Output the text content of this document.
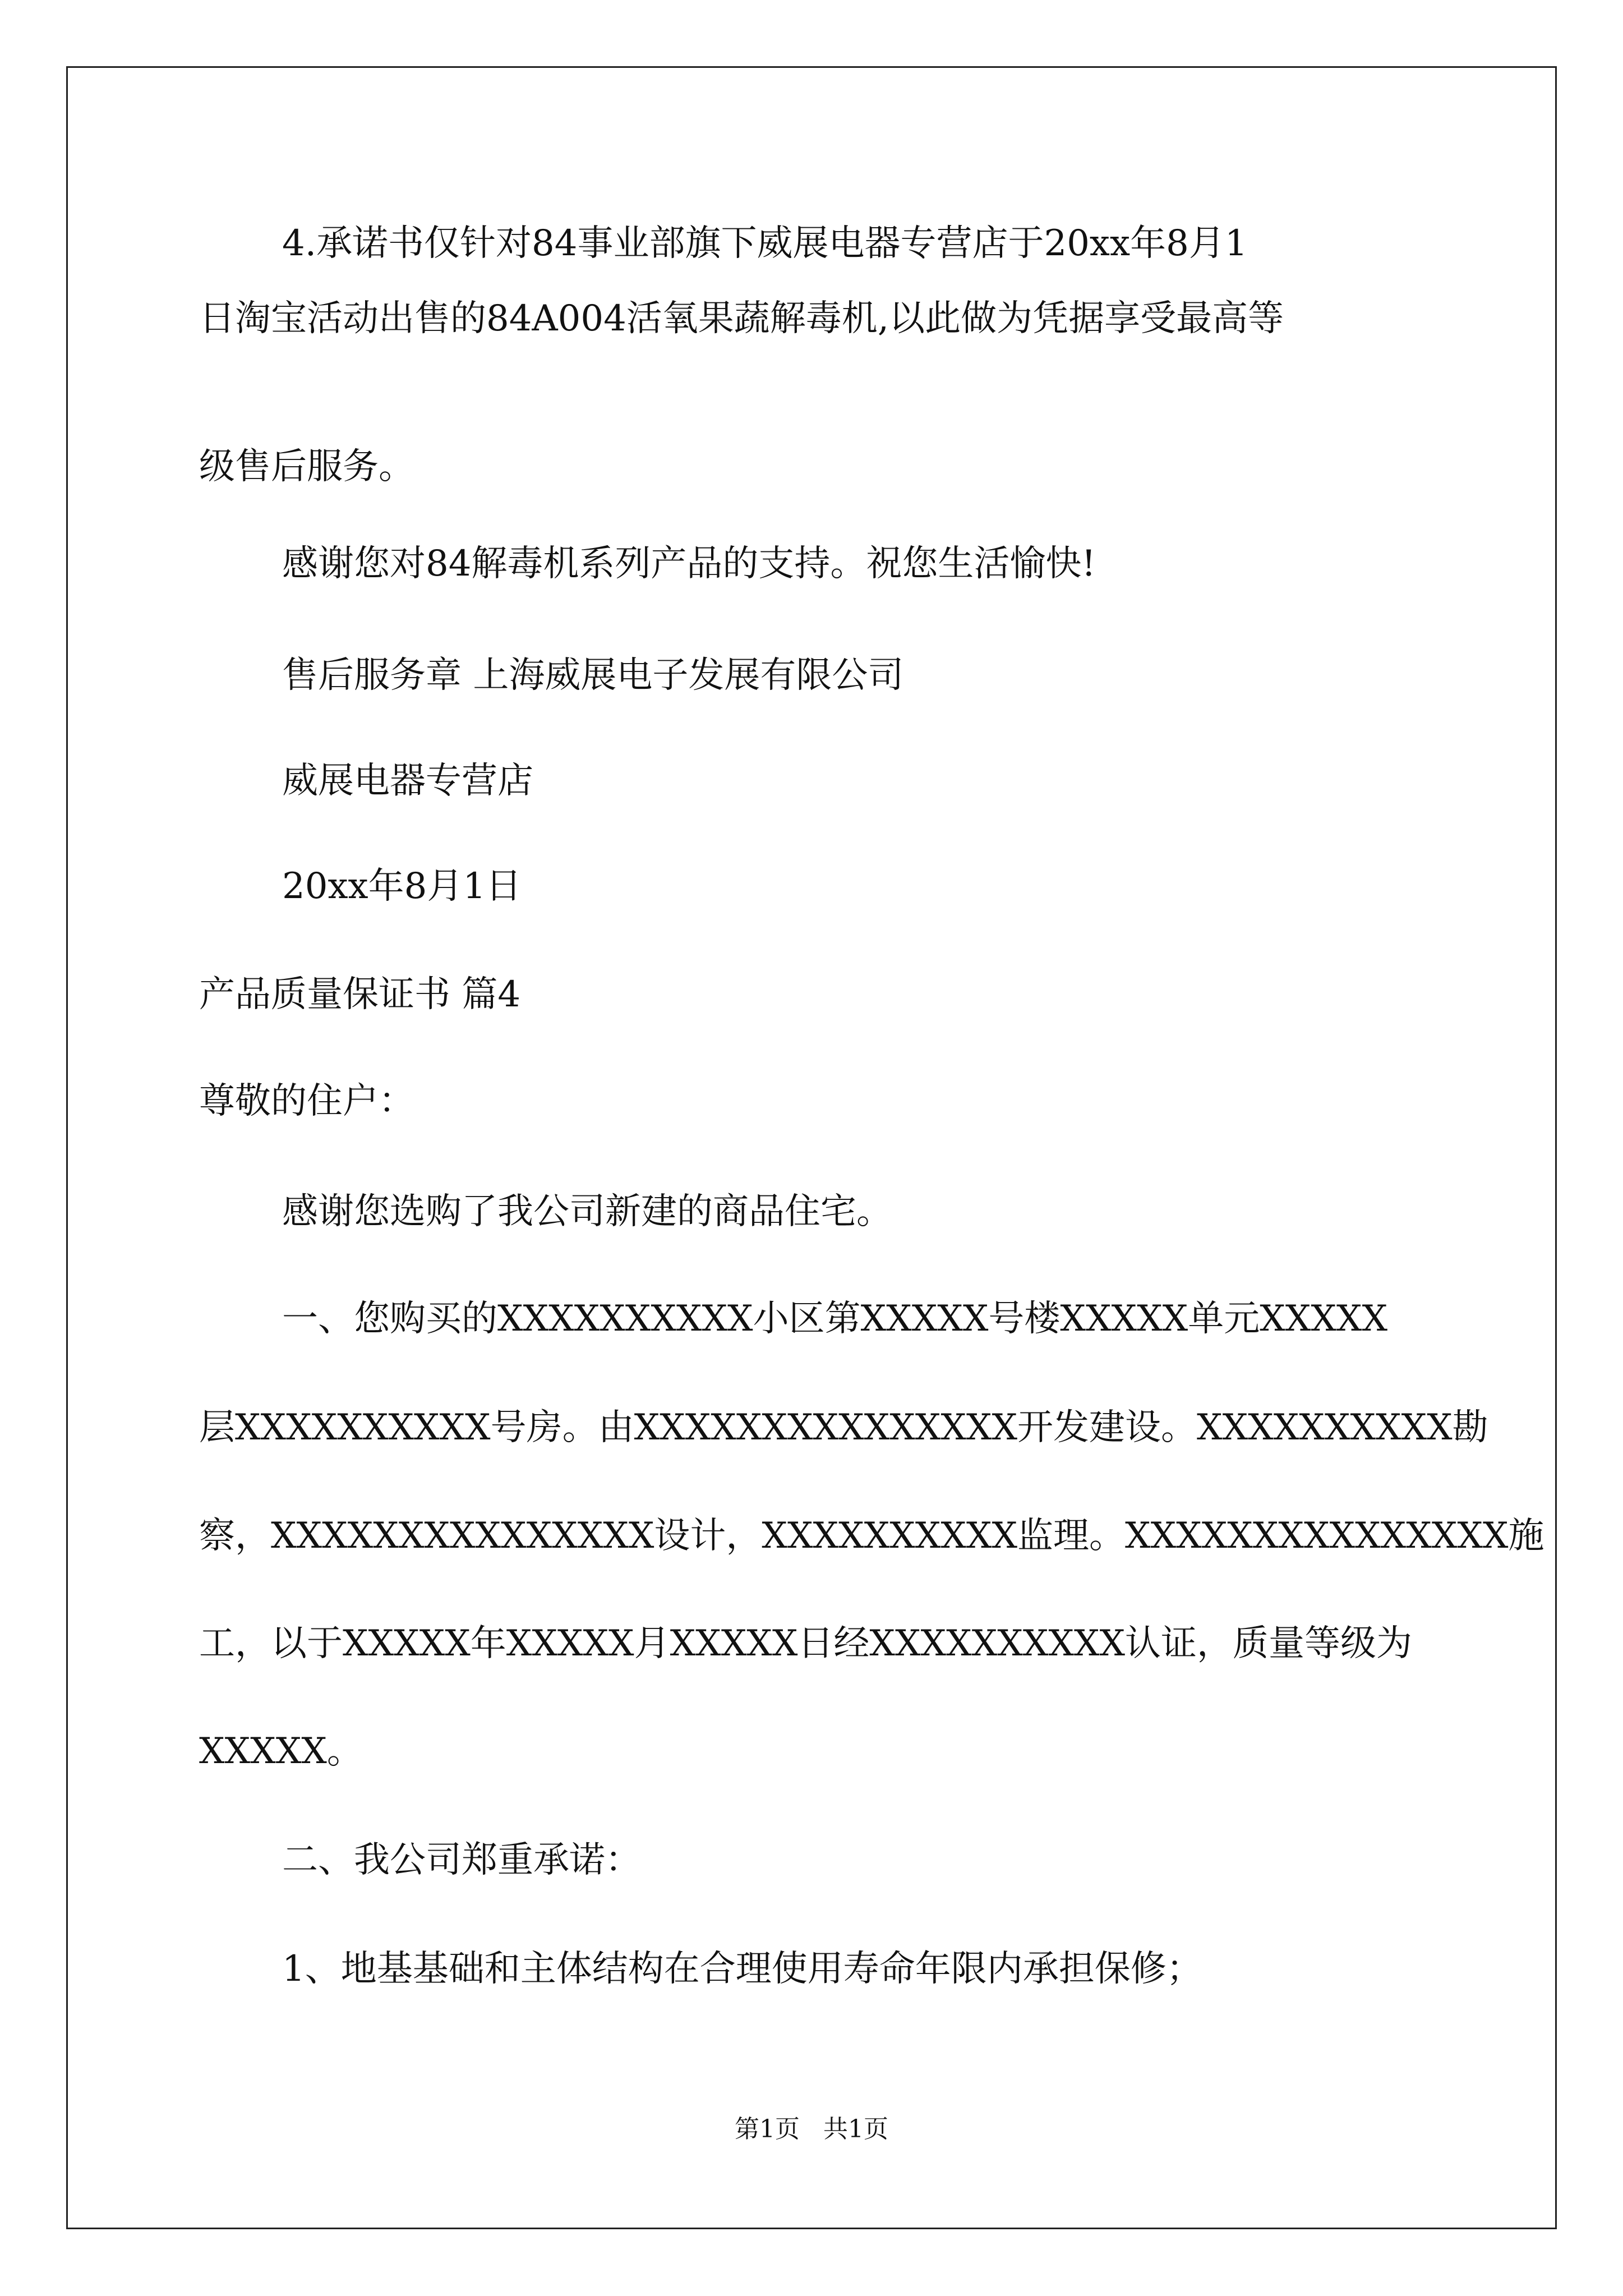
4.承诺书仅针对84事业部旗下威展电器专营店于20xx年8月1
日淘宝活动出售的84A004活氧果蔬解毒机,以此做为凭据享受最高等
级售后服务。
感谢您对84解毒机系列产品的支持。祝您生活愉快!
售后服务章 上海威展电子发展有限公司
威展电器专营店
20xx年8月1日
产品质量保证书 篇4
尊敬的住户：
感谢您选购了我公司新建的商品住宅。
一、您购买的XXXXXXXXXX小区第XXXXX号楼XXXXX单元XXXXX
层XXXXXXXXXX号房。由XXXXXXXXXXXXXXX开发建设。XXXXXXXXXX勘
察，XXXXXXXXXXXXXXX设计，XXXXXXXXXX监理。XXXXXXXXXXXXXXX施
工，以于XXXXX年XXXXX月XXXXX日经XXXXXXXXXX认证，质量等级为
XXXXX。
二、我公司郑重承诺：
1、地基基础和主体结构在合理使用寿命年限内承担保修；
第1页   共1页
